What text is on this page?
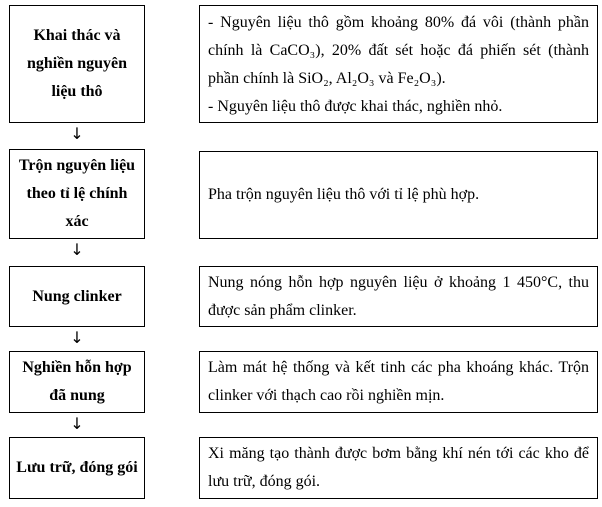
Khai thác và nghiền nguyên liệu thô
- Nguyên liệu thô gồm khoảng 80% đá vôi (thành phần chính là CaCO₃), 20% đất sét hoặc đá phiến sét (thành phần chính là SiO₂, Al₂O₃ và Fe₂O₃).
- Nguyên liệu thô được khai thác, nghiền nhỏ.
↓
Trộn nguyên liệu theo tỉ lệ chính xác
Pha trộn nguyên liệu thô với tỉ lệ phù hợp.
↓
Nung clinker
Nung nóng hỗn hợp nguyên liệu ở khoảng 1 450°C, thu được sản phẩm clinker.
↓
Nghiền hỗn hợp đã nung
Làm mát hệ thống và kết tinh các pha khoáng khác. Trộn clinker với thạch cao rồi nghiền mịn.
↓
Lưu trữ, đóng gói
Xi măng tạo thành được bơm bằng khí nén tới các kho để lưu trữ, đóng gói.
